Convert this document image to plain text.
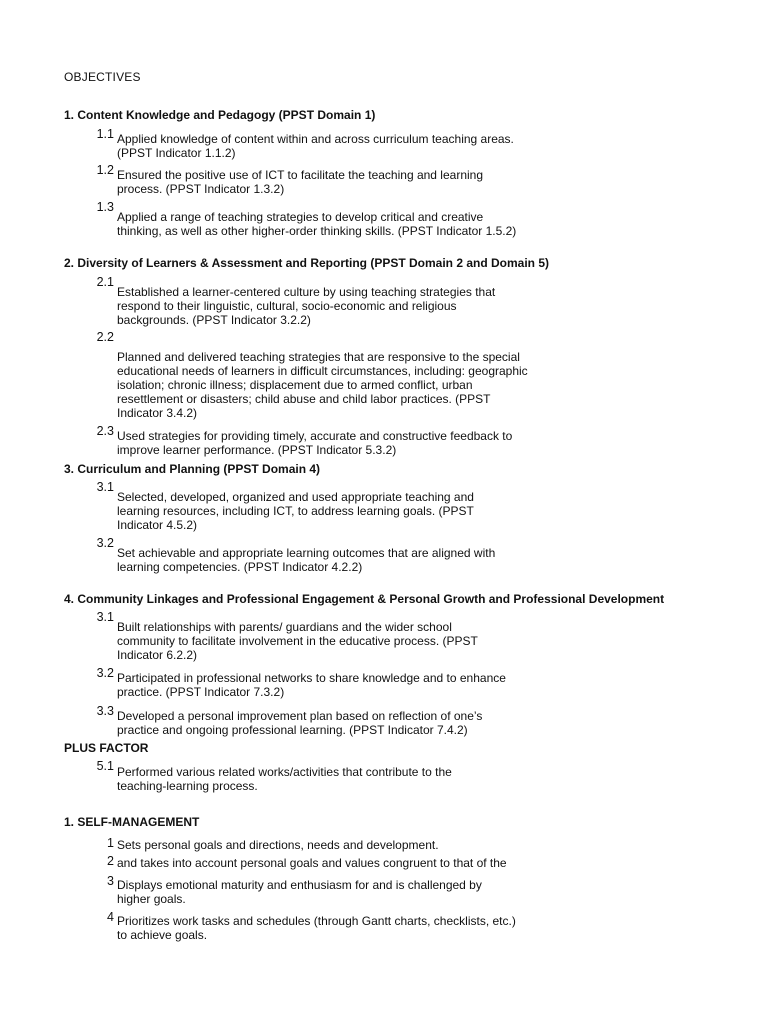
OBJECTIVES
1. Content Knowledge and Pedagogy (PPST Domain 1)
1.1 Applied knowledge of content within and across curriculum teaching areas. (PPST Indicator 1.1.2)
1.2 Ensured the positive use of ICT to facilitate the teaching and learning process. (PPST Indicator 1.3.2)
1.3
Applied a range of teaching strategies to develop critical and creative thinking, as well as other higher-order thinking skills. (PPST Indicator 1.5.2)
2. Diversity of Learners & Assessment and Reporting (PPST Domain 2 and Domain 5)
2.1
Established a learner-centered culture by using teaching strategies that respond to their linguistic, cultural, socio-economic and religious backgrounds. (PPST Indicator 3.2.2)
2.2
Planned and delivered teaching strategies that are responsive to the special educational needs of learners in difficult circumstances, including: geographic isolation; chronic illness; displacement due to armed conflict, urban resettlement or disasters; child abuse and child labor practices. (PPST Indicator 3.4.2)
2.3 Used strategies for providing timely, accurate and constructive feedback to improve learner performance. (PPST Indicator 5.3.2)
3. Curriculum and Planning (PPST Domain 4)
3.1
Selected, developed, organized and used appropriate teaching and learning resources, including ICT, to address learning goals. (PPST Indicator 4.5.2)
3.2
Set achievable and appropriate learning outcomes that are aligned with learning competencies. (PPST Indicator 4.2.2)
4. Community Linkages and Professional Engagement & Personal Growth and Professional Development
3.1
Built relationships with parents/ guardians and the wider school community to facilitate involvement in the educative process. (PPST Indicator 6.2.2)
3.2 Participated in professional networks to share knowledge and to enhance practice. (PPST Indicator 7.3.2)
3.3 Developed a personal improvement plan based on reflection of one’s practice and ongoing professional learning. (PPST Indicator 7.4.2)
PLUS FACTOR
5.1 Performed various related works/activities that contribute to the teaching-learning process.
1. SELF-MANAGEMENT
1 Sets personal goals and directions, needs and development.
2 and takes into account personal goals and values congruent to that of the
3 Displays emotional maturity and enthusiasm for and is challenged by higher goals.
4 Prioritizes work tasks and schedules (through Gantt charts, checklists, etc.) to achieve goals.
